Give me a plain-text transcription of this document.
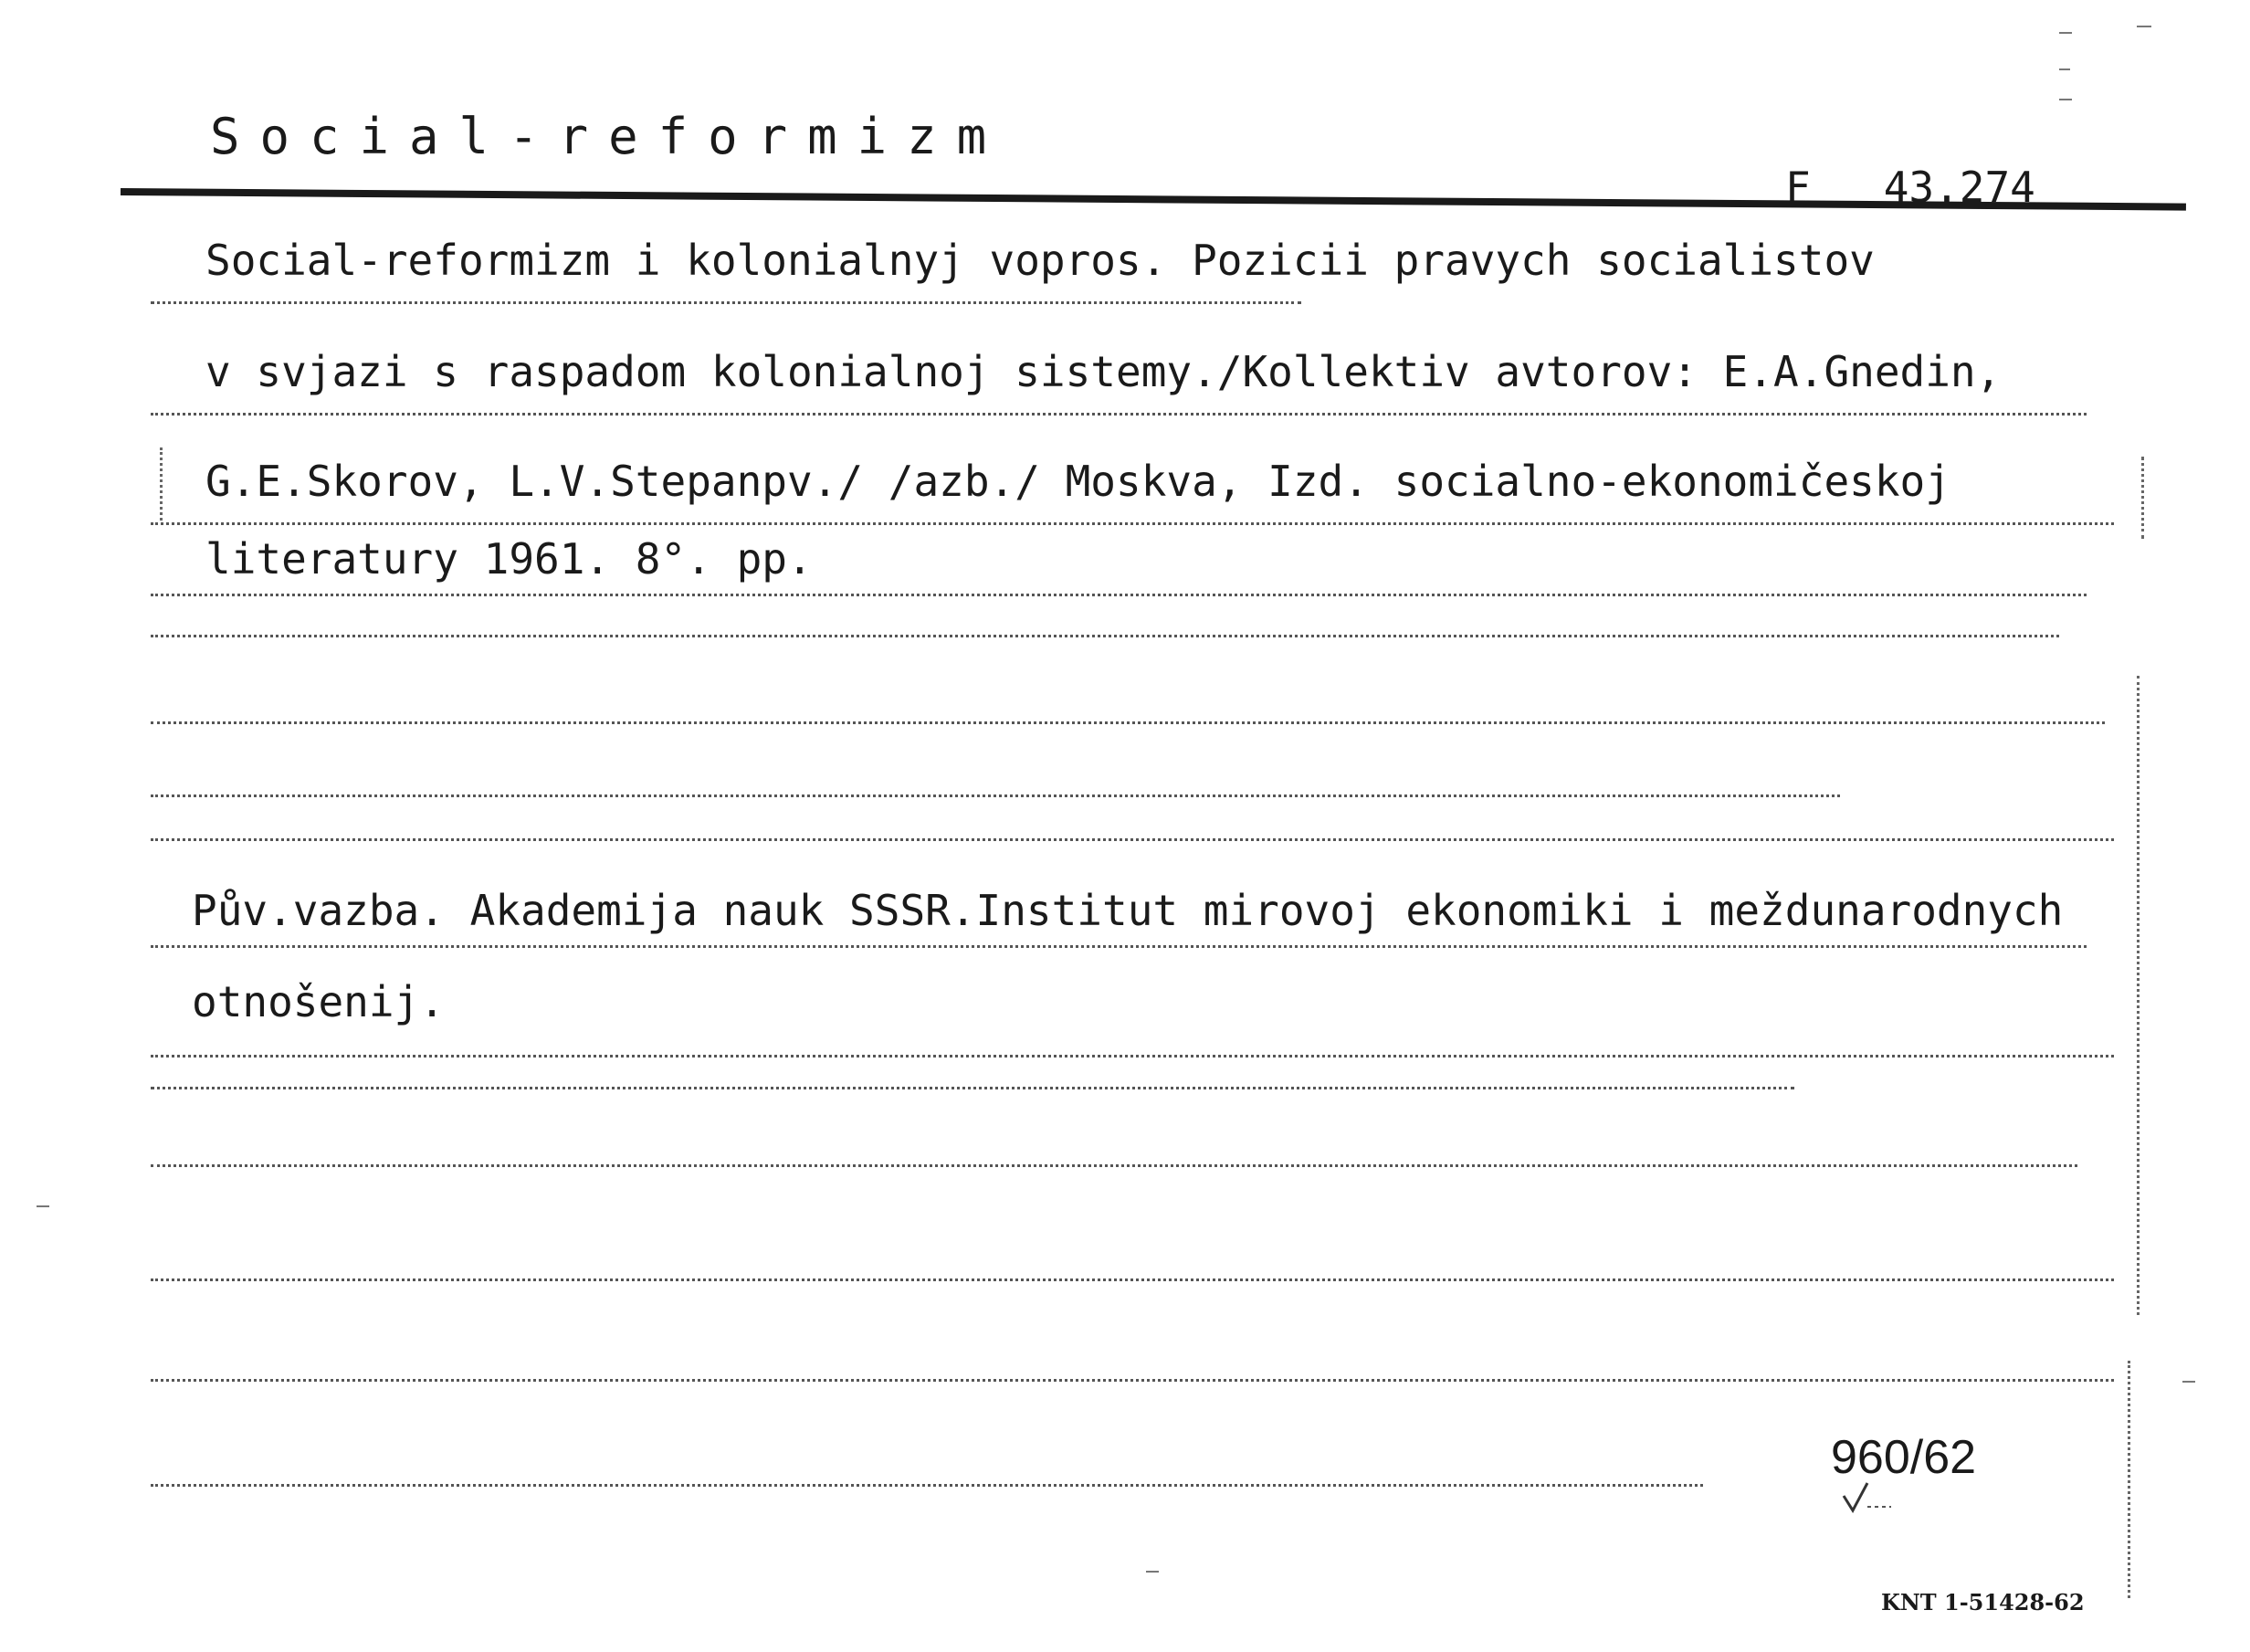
Social-reformizm
F 43.274
Social-reformizm i kolonialnyj vopros. Pozicii pravych socialistov
v svjazi s raspadom kolonialnoj sistemy./Kollektiv avtorov: E.A.Gnedin,
G.E.Skorov, L.V.Stepanpv./ /azb./ Moskva, Izd. socialno-ekonomičeskoj
literatury 1961. 8°. pp.
Pův.vazba. Akademija nauk SSSR.Institut mirovoj ekonomiki i meždunarodnych
otnošenij.
960/62
KNT 1-51428-62
